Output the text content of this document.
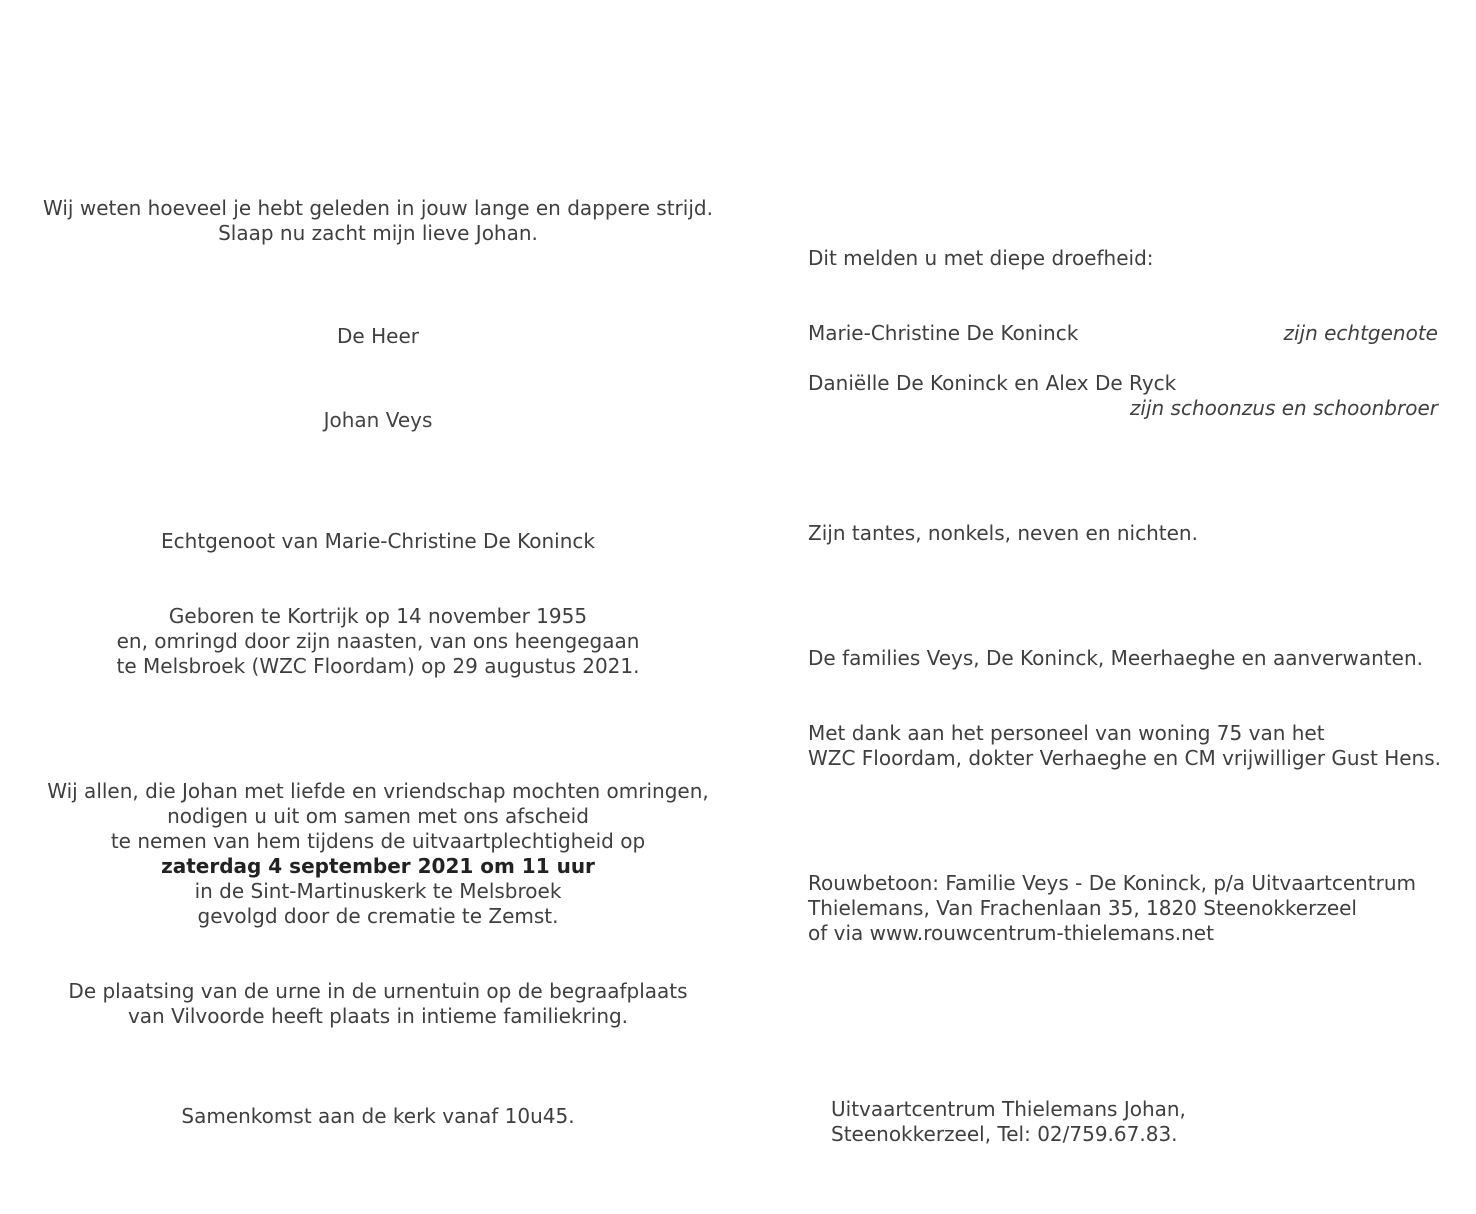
Wij weten hoeveel je hebt geleden in jouw lange en dappere strijd.
Slaap nu zacht mijn lieve Johan.
De Heer
Johan Veys
Echtgenoot van Marie-Christine De Koninck
Geboren te Kortrijk op 14 november 1955
en, omringd door zijn naasten, van ons heengegaan
te Melsbroek (WZC Floordam) op 29 augustus 2021.
Wij allen, die Johan met liefde en vriendschap mochten omringen,
nodigen u uit om samen met ons afscheid
te nemen van hem tijdens de uitvaartplechtigheid op
zaterdag 4 september 2021 om 11 uur
in de Sint-Martinuskerk te Melsbroek
gevolgd door de crematie te Zemst.
De plaatsing van de urne in de urnentuin op de begraafplaats
van Vilvoorde heeft plaats in intieme familiekring.
Samenkomst aan de kerk vanaf 10u45.
Dit melden u met diepe droefheid:
Marie-Christine De Koninck	zijn echtgenote
Daniëlle De Koninck en Alex De Ryck
zijn schoonzus en schoonbroer
Zijn tantes, nonkels, neven en nichten.
De families Veys, De Koninck, Meerhaeghe en aanverwanten.
Met dank aan het personeel van woning 75 van het
WZC Floordam, dokter Verhaeghe en CM vrijwilliger Gust Hens.
Rouwbetoon: Familie Veys - De Koninck, p/a Uitvaartcentrum
Thielemans, Van Frachenlaan 35, 1820 Steenokkerzeel
of via www.rouwcentrum-thielemans.net
Uitvaartcentrum Thielemans Johan,
Steenokkerzeel, Tel: 02/759.67.83.
